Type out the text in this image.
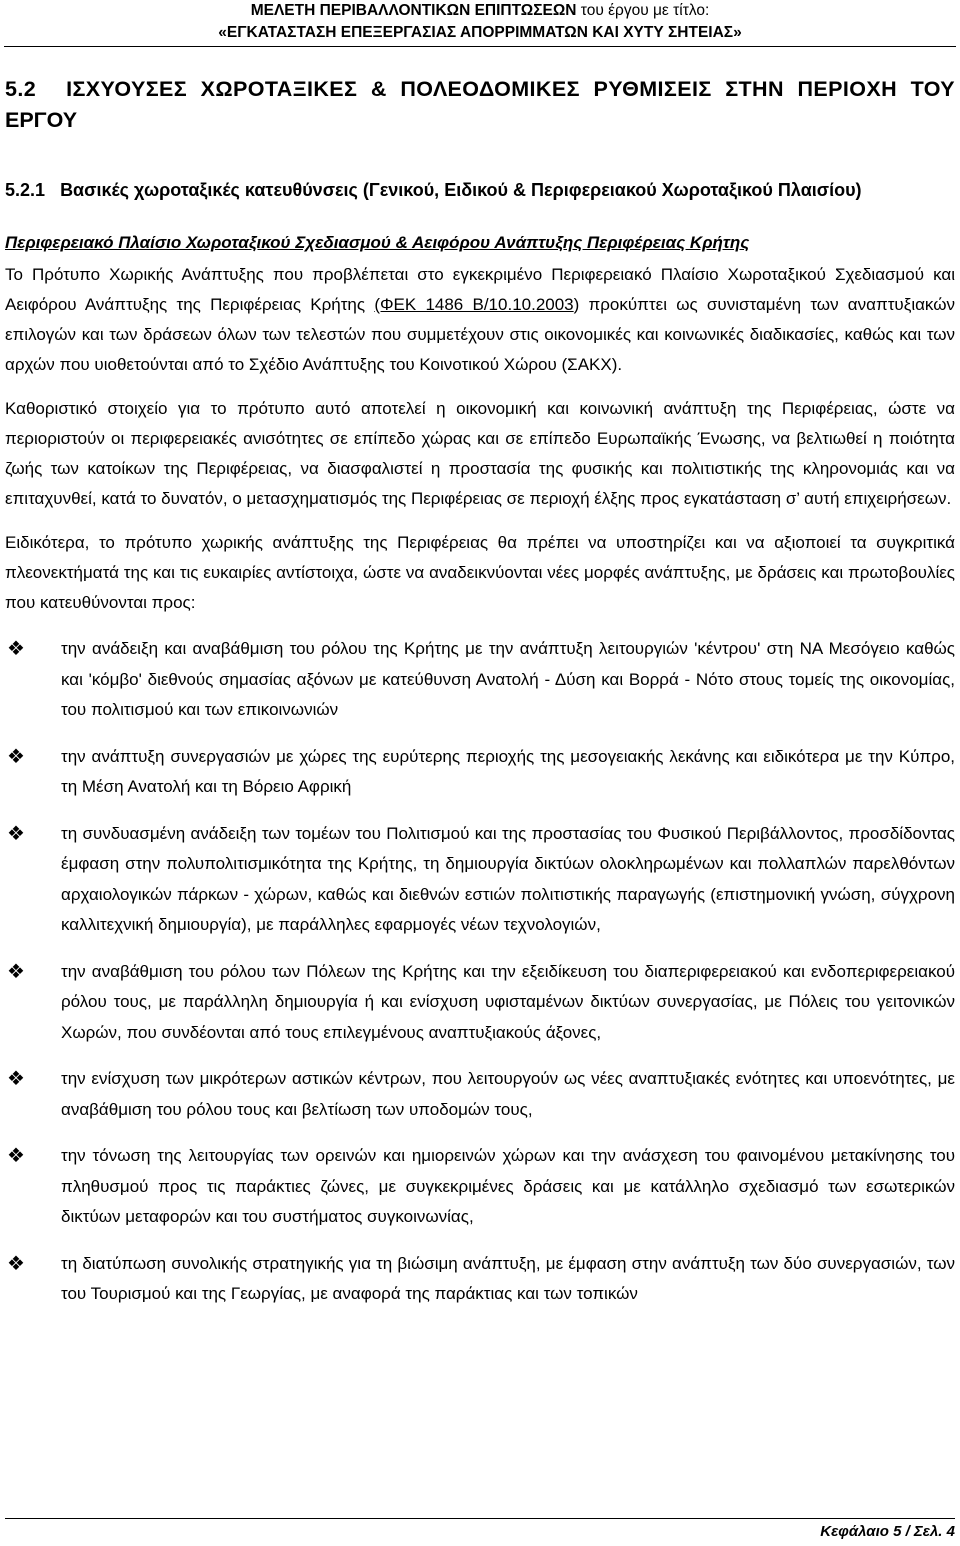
ΜΕΛΕΤΗ ΠΕΡΙΒΑΛΛΟΝΤΙΚΩΝ ΕΠΙΠΤΩΣΕΩΝ του έργου με τίτλο:
«ΕΓΚΑΤΑΣΤΑΣΗ ΕΠΕΞΕΡΓΑΣΙΑΣ ΑΠΟΡΡΙΜΜΑΤΩΝ ΚΑΙ ΧΥΤΥ ΣΗΤΕΙΑΣ»
5.2 ΙΣΧΥΟΥΣΕΣ ΧΩΡΟΤΑΞΙΚΕΣ & ΠΟΛΕΟΔΟΜΙΚΕΣ ΡΥΘΜΙΣΕΙΣ ΣΤΗΝ ΠΕΡΙΟΧΗ ΤΟΥ
ΕΡΓΟΥ
5.2.1 Βασικές χωροταξικές κατευθύνσεις (Γενικού, Ειδικού & Περιφερειακού Χωροταξικού Πλαισίου)
Περιφερειακό Πλαίσιο Χωροταξικού Σχεδιασμού & Αειφόρου Ανάπτυξης Περιφέρειας Κρήτης

Το Πρότυπο Χωρικής Ανάπτυξης που προβλέπεται στο εγκεκριμένο Περιφερειακό Πλαίσιο Χωροταξικού Σχεδιασμού και Αειφόρου Ανάπτυξης της Περιφέρειας Κρήτης (ΦΕΚ 1486 Β/10.10.2003) προκύπτει ως συνισταμένη των αναπτυξιακών επιλογών και των δράσεων όλων των τελεστών που συμμετέχουν στις οικονομικές και κοινωνικές διαδικασίες, καθώς και των αρχών που υιοθετούνται από το Σχέδιο Ανάπτυξης του Κοινοτικού Χώρου (ΣΑΚΧ).

Καθοριστικό στοιχείο για το πρότυπο αυτό αποτελεί η οικονομική και κοινωνική ανάπτυξη της Περιφέρειας, ώστε να περιοριστούν οι περιφερειακές ανισότητες σε επίπεδο χώρας και σε επίπεδο Ευρωπαϊκής Ένωσης, να βελτιωθεί η ποιότητα ζωής των κατοίκων της Περιφέρειας, να διασφαλιστεί η προστασία της φυσικής και πολιτιστικής της κληρονομιάς και να επιταχυνθεί, κατά το δυνατόν, ο μετασχηματισμός της Περιφέρειας σε περιοχή έλξης προς εγκατάσταση σ’ αυτή επιχειρήσεων.

Ειδικότερα, το πρότυπο χωρικής ανάπτυξης της Περιφέρειας θα πρέπει να υποστηρίζει και να αξιοποιεί τα συγκριτικά πλεονεκτήματά της και τις ευκαιρίες αντίστοιχα, ώστε να αναδεικνύονται νέες μορφές ανάπτυξης, με δράσεις και πρωτοβουλίες που κατευθύνονται προς:

❖ την ανάδειξη και αναβάθμιση του ρόλου της Κρήτης με την ανάπτυξη λειτουργιών 'κέντρου' στη ΝΑ Μεσόγειο καθώς και 'κόμβο' διεθνούς σημασίας αξόνων με κατεύθυνση Ανατολή - Δύση και Βορρά - Νότο στους τομείς της οικονομίας, του πολιτισμού και των επικοινωνιών
❖ την ανάπτυξη συνεργασιών με χώρες της ευρύτερης περιοχής της μεσογειακής λεκάνης και ειδικότερα με την Κύπρο, τη Μέση Ανατολή και τη Βόρειο Αφρική
❖ τη συνδυασμένη ανάδειξη των τομέων του Πολιτισμού και της προστασίας του Φυσικού Περιβάλλοντος, προσδίδοντας έμφαση στην πολυπολιτισμικότητα της Κρήτης, τη δημιουργία δικτύων ολοκληρωμένων και πολλαπλών παρελθόντων αρχαιολογικών πάρκων - χώρων, καθώς και διεθνών εστιών πολιτιστικής παραγωγής (επιστημονική γνώση, σύγχρονη καλλιτεχνική δημιουργία), με παράλληλες εφαρμογές νέων τεχνολογιών,
❖ την αναβάθμιση του ρόλου των Πόλεων της Κρήτης και την εξειδίκευση του διαπεριφερειακού και ενδοπεριφερειακού ρόλου τους, με παράλληλη δημιουργία ή και ενίσχυση υφισταμένων δικτύων συνεργασίας, με Πόλεις του γειτονικών Χωρών, που συνδέονται από τους επιλεγμένους αναπτυξιακούς άξονες,
❖ την ενίσχυση των μικρότερων αστικών κέντρων, που λειτουργούν ως νέες αναπτυξιακές ενότητες και υποενότητες, με αναβάθμιση του ρόλου τους και βελτίωση των υποδομών τους,
❖ την τόνωση της λειτουργίας των ορεινών και ημιορεινών χώρων και την ανάσχεση του φαινομένου μετακίνησης του πληθυσμού προς τις παράκτιες ζώνες, με συγκεκριμένες δράσεις και με κατάλληλο σχεδιασμό των εσωτερικών δικτύων μεταφορών και του συστήματος συγκοινωνίας,
❖ τη διατύπωση συνολικής στρατηγικής για τη βιώσιμη ανάπτυξη, με έμφαση στην ανάπτυξη των δύο συνεργασιών, των του Τουρισμού και της Γεωργίας, με αναφορά της παράκτιας και των τοπικών
Κεφάλαιο 5 / Σελ. 4
